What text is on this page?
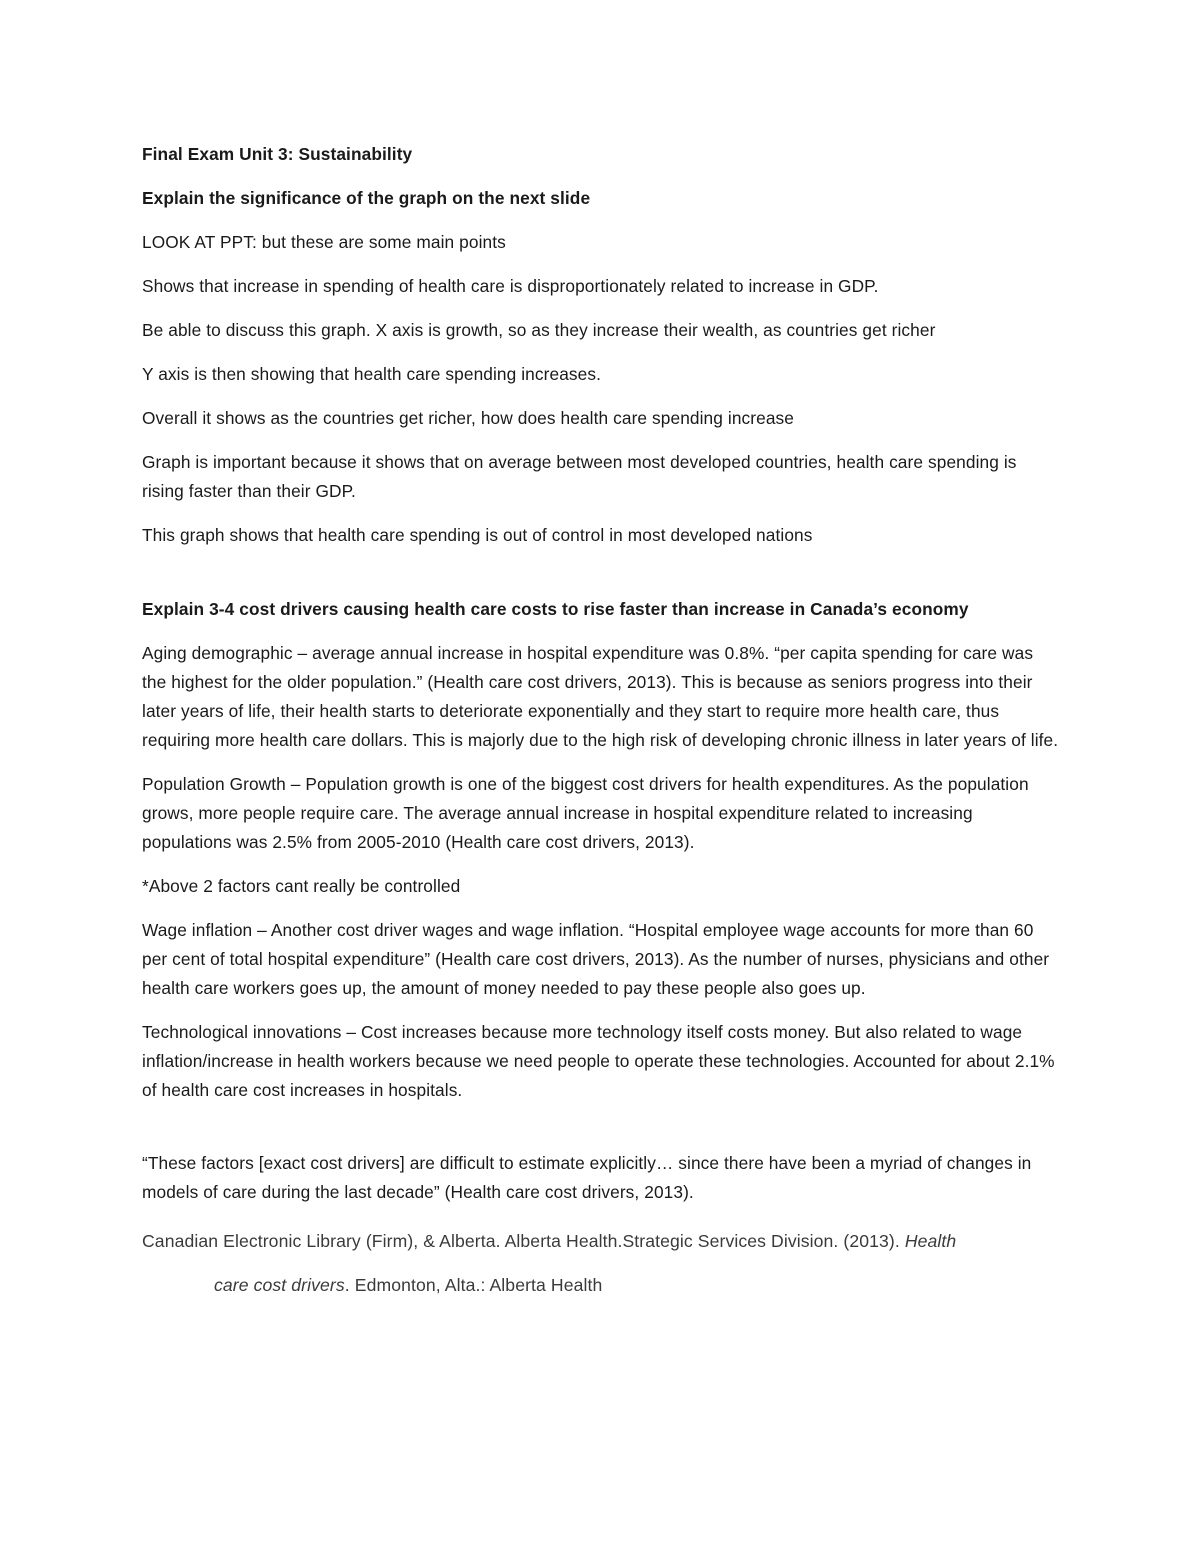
Final Exam Unit 3: Sustainability

Explain the significance of the graph on the next slide

LOOK AT PPT: but these are some main points

Shows that increase in spending of health care is disproportionately related to increase in GDP.

Be able to discuss this graph. X axis is growth, so as they increase their wealth, as countries get richer

Y axis is then showing that health care spending increases.

Overall it shows as the countries get richer, how does health care spending increase

Graph is important because it shows that on average between most developed countries, health care spending is rising faster than their GDP.

This graph shows that health care spending is out of control in most developed nations

Explain 3-4 cost drivers causing health care costs to rise faster than increase in Canada’s economy

Aging demographic – average annual increase in hospital expenditure was 0.8%. “per capita spending for care was the highest for the older population.” (Health care cost drivers, 2013). This is because as seniors progress into their later years of life, their health starts to deteriorate exponentially and they start to require more health care, thus requiring more health care dollars. This is majorly due to the high risk of developing chronic illness in later years of life.

Population Growth – Population growth is one of the biggest cost drivers for health expenditures. As the population grows, more people require care. The average annual increase in hospital expenditure related to increasing populations was 2.5% from 2005-2010 (Health care cost drivers, 2013).

*Above 2 factors cant really be controlled

Wage inflation – Another cost driver wages and wage inflation. “Hospital employee wage accounts for more than 60 per cent of total hospital expenditure” (Health care cost drivers, 2013). As the number of nurses, physicians and other health care workers goes up, the amount of money needed to pay these people also goes up.

Technological innovations – Cost increases because more technology itself costs money. But also related to wage inflation/increase in health workers because we need people to operate these technologies. Accounted for about 2.1% of health care cost increases in hospitals.

“These factors [exact cost drivers] are difficult to estimate explicitly… since there have been a myriad of changes in models of care during the last decade” (Health care cost drivers, 2013).

Canadian Electronic Library (Firm), & Alberta. Alberta Health.Strategic Services Division. (2013). Health

care cost drivers. Edmonton, Alta.: Alberta Health
